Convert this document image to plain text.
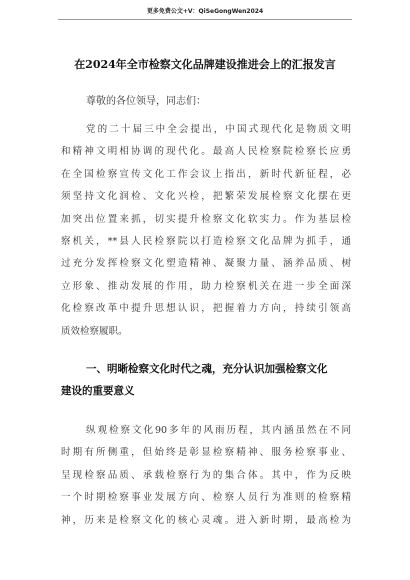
更多免费公文+V：QiSeGongWen2024
在2024年全市检察文化品牌建设推进会上的汇报发言
尊敬的各位领导，同志们：
党的二十届三中全会提出，中国式现代化是物质文明
和精神文明相协调的现代化。最高人民检察院检察长应勇
在全国检察宣传文化工作会议上指出，新时代新征程，必
须坚持文化润检、文化兴检，把繁荣发展检察文化摆在更
加突出位置来抓，切实提升检察文化软实力。作为基层检
察机关，**县人民检察院以打造检察文化品牌为抓手，通
过充分发挥检察文化塑造精神、凝聚力量、涵养品质、树
立形象、推动发展的作用，助力检察机关在进一步全面深
化检察改革中提升思想认识，把握着力方向，持续引领高
质效检察履职。
一、明晰检察文化时代之魂，充分认识加强检察文化
建设的重要意义
纵观检察文化90多年的风雨历程，其内涵虽然在不同
时期有所侧重，但始终是彰显检察精神、服务检察事业、
呈现检察品质、承载检察行为的集合体。其中，作为反映
一个时期检察事业发展方向、检察人员行为准则的检察精
神，历来是检察文化的核心灵魂。进入新时期，最高检为
